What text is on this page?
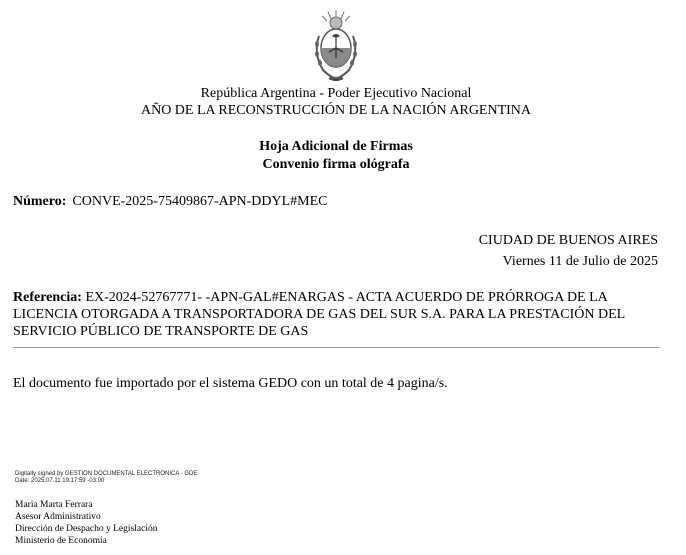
República Argentina - Poder Ejecutivo Nacional
AÑO DE LA RECONSTRUCCIÓN DE LA NACIÓN ARGENTINA
Hoja Adicional de Firmas
Convenio firma ológrafa
Número: CONVE-2025-75409867-APN-DDYL#MEC
CIUDAD DE BUENOS AIRES
Viernes 11 de Julio de 2025
Referencia: EX-2024-52767771- -APN-GAL#ENARGAS - ACTA ACUERDO DE PRÓRROGA DE LA LICENCIA OTORGADA A TRANSPORTADORA DE GAS DEL SUR S.A. PARA LA PRESTACIÓN DEL SERVICIO PÚBLICO DE TRANSPORTE DE GAS
El documento fue importado por el sistema GEDO con un total de 4 pagina/s.
Digitally signed by GESTION DOCUMENTAL ELECTRONICA - GDE
Date: 2025.07.11 19:17:59 -03:00
Maria Marta Ferrara
Asesor Administrativo
Dirección de Despacho y Legislación
Ministerio de Economía
